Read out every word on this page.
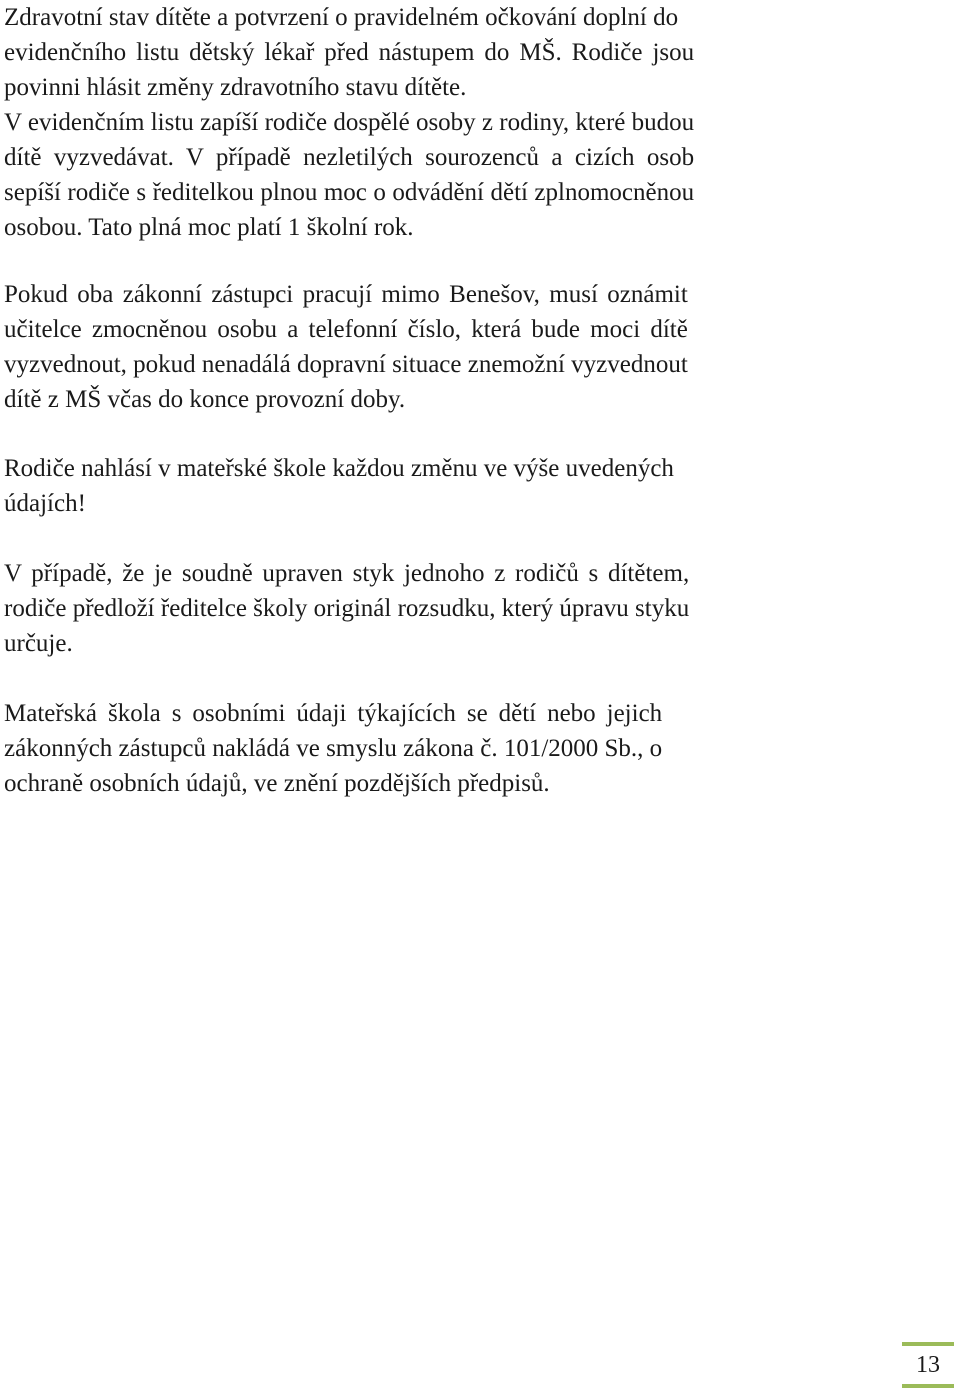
Zdravotní stav dítěte a potvrzení o pravidelném očkování doplní do
evidenčního listu dětský lékař před nástupem do MŠ. Rodiče jsou
povinni hlásit změny zdravotního stavu dítěte.
V evidenčním listu zapíší rodiče dospělé osoby z rodiny, které budou
dítě vyzvedávat. V případě nezletilých sourozenců a cizích osob
sepíší rodiče s ředitelkou plnou moc o odvádění dětí zplnomocněnou
osobou. Tato plná moc platí 1 školní rok.
Pokud oba zákonní zástupci pracují mimo Benešov, musí oznámit
učitelce zmocněnou osobu a telefonní číslo, která bude moci dítě
vyzvednout, pokud nenadálá dopravní situace znemožní vyzvednout
dítě z MŠ včas do konce provozní doby.
Rodiče nahlásí v mateřské škole každou změnu ve výše uvedených
údajích!
V případě, že je soudně upraven styk jednoho z rodičů s dítětem,
rodiče předloží ředitelce školy originál rozsudku, který úpravu styku
určuje.
Mateřská škola s osobními údaji týkajících se dětí nebo jejich
zákonných zástupců nakládá ve smyslu zákona č. 101/2000 Sb., o
ochraně osobních údajů, ve znění pozdějších předpisů.
13
